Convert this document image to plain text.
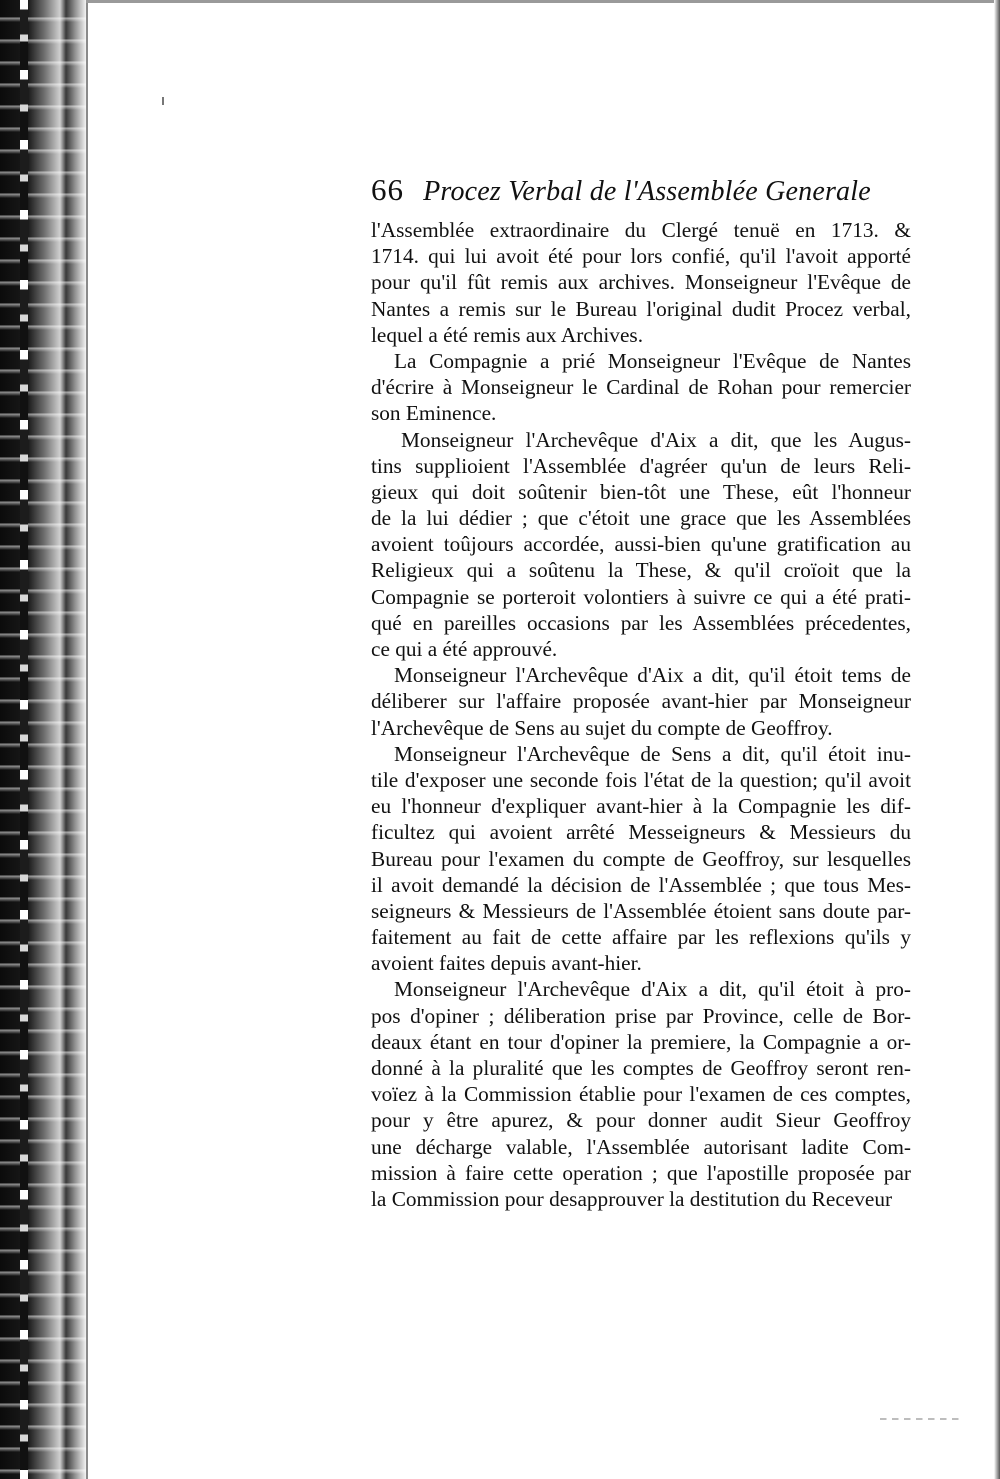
66 Procez Verbal de l'Assemblée Generale
l'Assemblée extraordinaire du Clergé tenuë en 1713. &
1714. qui lui avoit été pour lors confié, qu'il l'avoit apporté
pour qu'il fût remis aux archives. Monseigneur l'Evêque de
Nantes a remis sur le Bureau l'original dudit Procez verbal,
lequel a été remis aux Archives.
La Compagnie a prié Monseigneur l'Evêque de Nantes
d'écrire à Monseigneur le Cardinal de Rohan pour remercier
son Eminence.
Monseigneur l'Archevêque d'Aix a dit, que les Augus-
tins supplioient l'Assemblée d'agréer qu'un de leurs Reli-
gieux qui doit soûtenir bien-tôt une These, eût l'honneur
de la lui dédier ; que c'étoit une grace que les Assemblées
avoient toûjours accordée, aussi-bien qu'une gratification au
Religieux qui a soûtenu la These, & qu'il croïoit que la
Compagnie se porteroit volontiers à suivre ce qui a été prati-
qué en pareilles occasions par les Assemblées précedentes,
ce qui a été approuvé.
Monseigneur l'Archevêque d'Aix a dit, qu'il étoit tems de
déliberer sur l'affaire proposée avant-hier par Monseigneur
l'Archevêque de Sens au sujet du compte de Geoffroy.
Monseigneur l'Archevêque de Sens a dit, qu'il étoit inu-
tile d'exposer une seconde fois l'état de la question; qu'il avoit
eu l'honneur d'expliquer avant-hier à la Compagnie les dif-
ficultez qui avoient arrêté Messeigneurs & Messieurs du
Bureau pour l'examen du compte de Geoffroy, sur lesquelles
il avoit demandé la décision de l'Assemblée ; que tous Mes-
seigneurs & Messieurs de l'Assemblée étoient sans doute par-
faitement au fait de cette affaire par les reflexions qu'ils y
avoient faites depuis avant-hier.
Monseigneur l'Archevêque d'Aix a dit, qu'il étoit à pro-
pos d'opiner ; déliberation prise par Province, celle de Bor-
deaux étant en tour d'opiner la premiere, la Compagnie a or-
donné à la pluralité que les comptes de Geoffroy seront ren-
voïez à la Commission établie pour l'examen de ces comptes,
pour y être apurez, & pour donner audit Sieur Geoffroy
une décharge valable, l'Assemblée autorisant ladite Com-
mission à faire cette operation ; que l'apostille proposée par
la Commission pour desapprouver la destitution du Receveur
